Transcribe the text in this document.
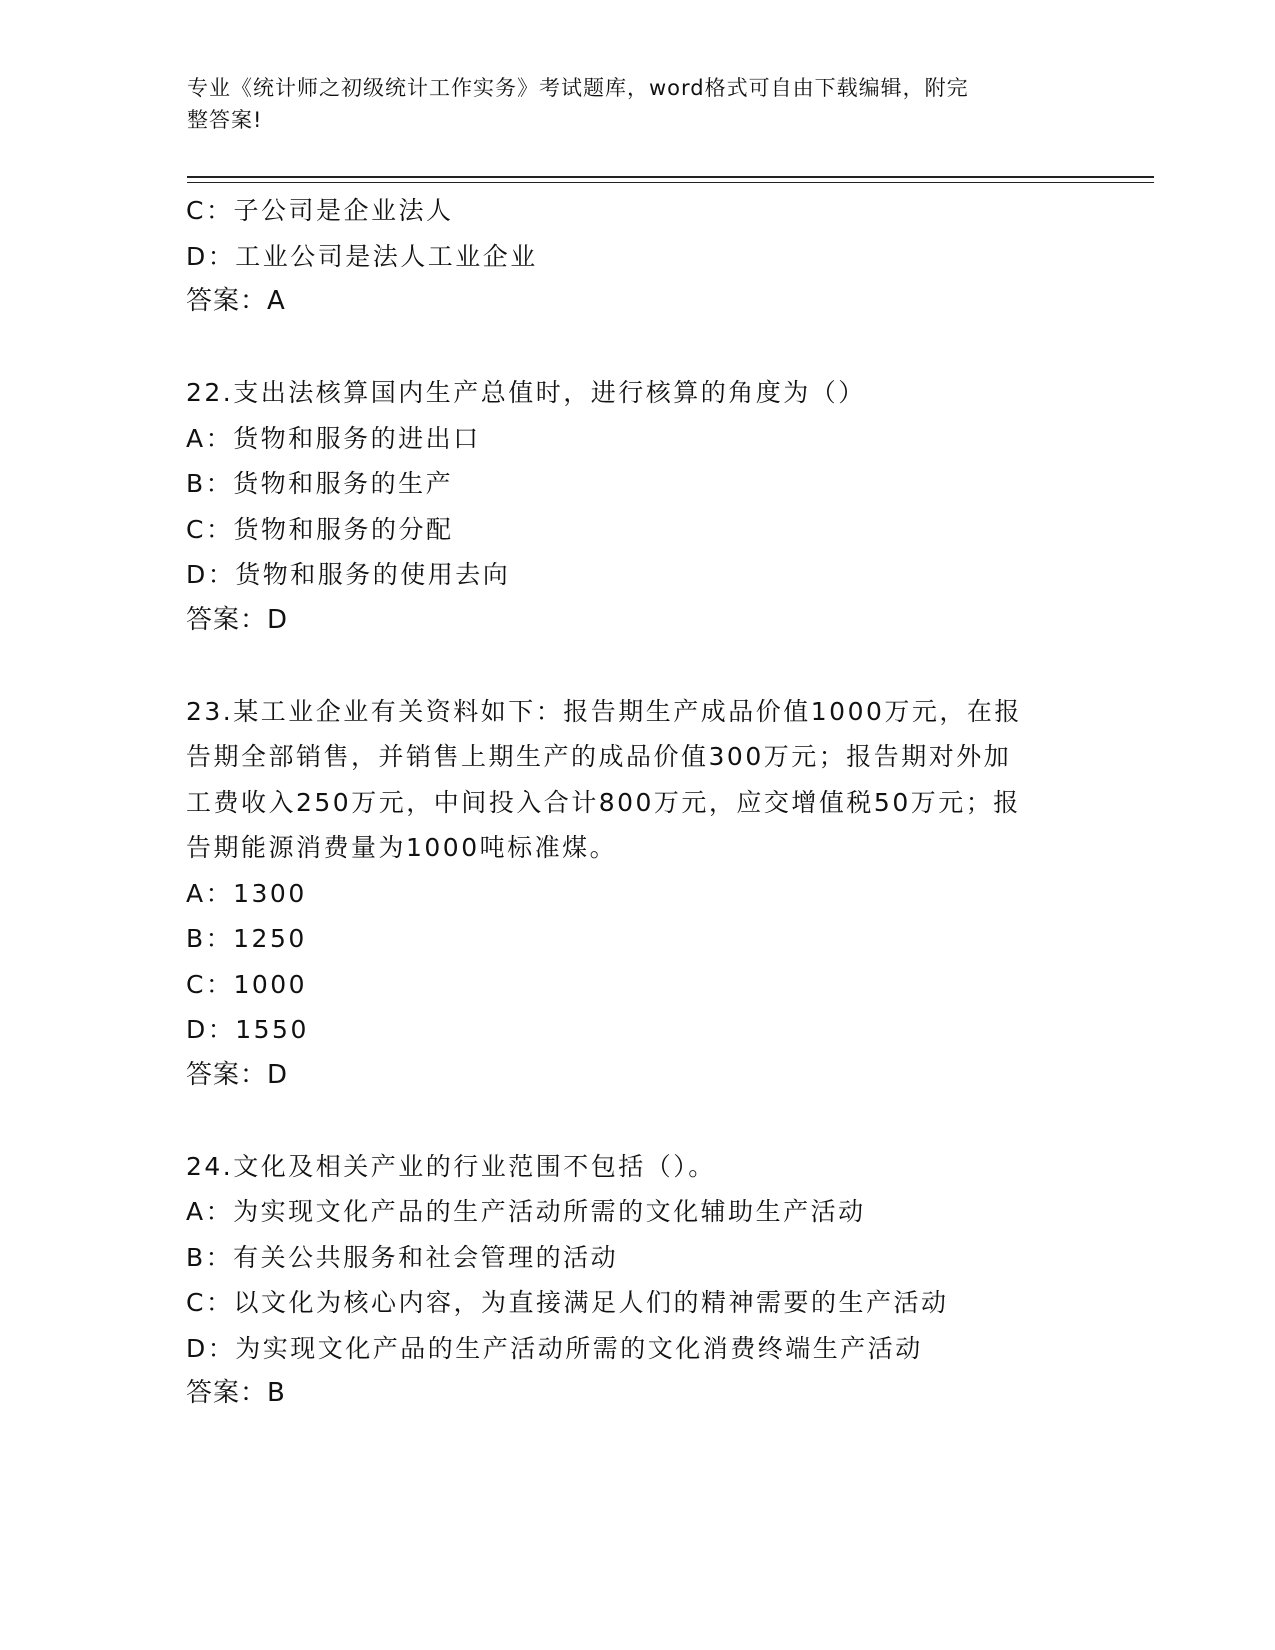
专业《统计师之初级统计工作实务》考试题库，word格式可自由下载编辑，附完
整答案!
C：子公司是企业法人
D：工业公司是法人工业企业
答案：A
22.支出法核算国内生产总值时，进行核算的角度为（）
A：货物和服务的进出口
B：货物和服务的生产
C：货物和服务的分配
D：货物和服务的使用去向
答案：D
23.某工业企业有关资料如下：报告期生产成品价值1000万元，在报
告期全部销售，并销售上期生产的成品价值300万元；报告期对外加
工费收入250万元，中间投入合计800万元，应交增值税50万元；报
告期能源消费量为1000吨标准煤。
A：1300
B：1250
C：1000
D：1550
答案：D
24.文化及相关产业的行业范围不包括（）。
A：为实现文化产品的生产活动所需的文化辅助生产活动
B：有关公共服务和社会管理的活动
C：以文化为核心内容，为直接满足人们的精神需要的生产活动
D：为实现文化产品的生产活动所需的文化消费终端生产活动
答案：B
